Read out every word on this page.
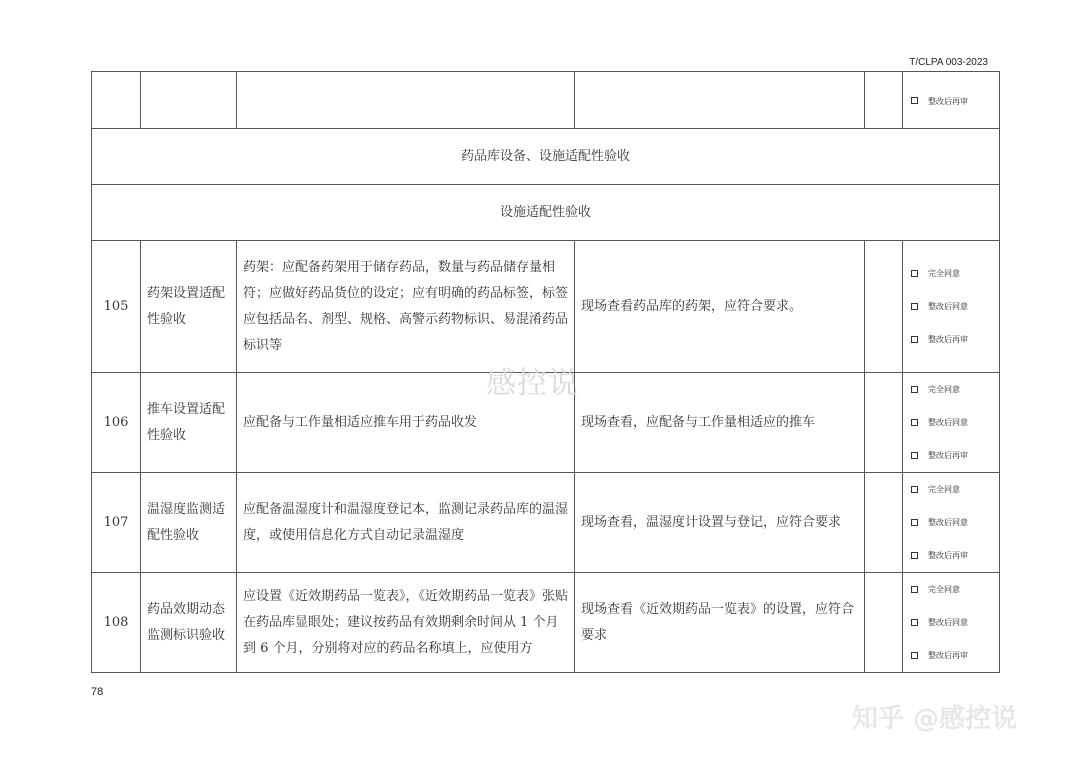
T/CLPA 003-2023

					整改后再审

药品库设备、设施适配性验收					
设施适配性验收					
105	药架设置适配性验收	药架：应配备药架用于储存药品，数量与药品储存量相符；应做好药品货位的设定；应有明确的药品标签，标签应包括品名、剂型、规格、高警示药物标识、易混淆药品标识等	现场查看药品库的药架，应符合要求。		完全同意
整改后同意
整改后再审

106	推车设置适配性验收	应配备与工作量相适应推车用于药品收发	现场查看，应配备与工作量相适应的推车		完全同意
整改后同意
整改后再审

107	温湿度监测适配性验收	应配备温湿度计和温湿度登记本，监测记录药品库的温湿度，或使用信息化方式自动记录温湿度	现场查看，温湿度计设置与登记，应符合要求		完全同意
整改后同意
整改后再审

108	药品效期动态监测标识验收	应设置《近效期药品一览表》，《近效期药品一览表》张贴在药品库显眼处；建议按药品有效期剩余时间从 1 个月到 6 个月，分别将对应的药品名称填上，应使用方	现场查看《近效期药品一览表》的设置，应符合要求		完全同意
整改后同意
整改后再审
感控说
78
知乎 @感控说
